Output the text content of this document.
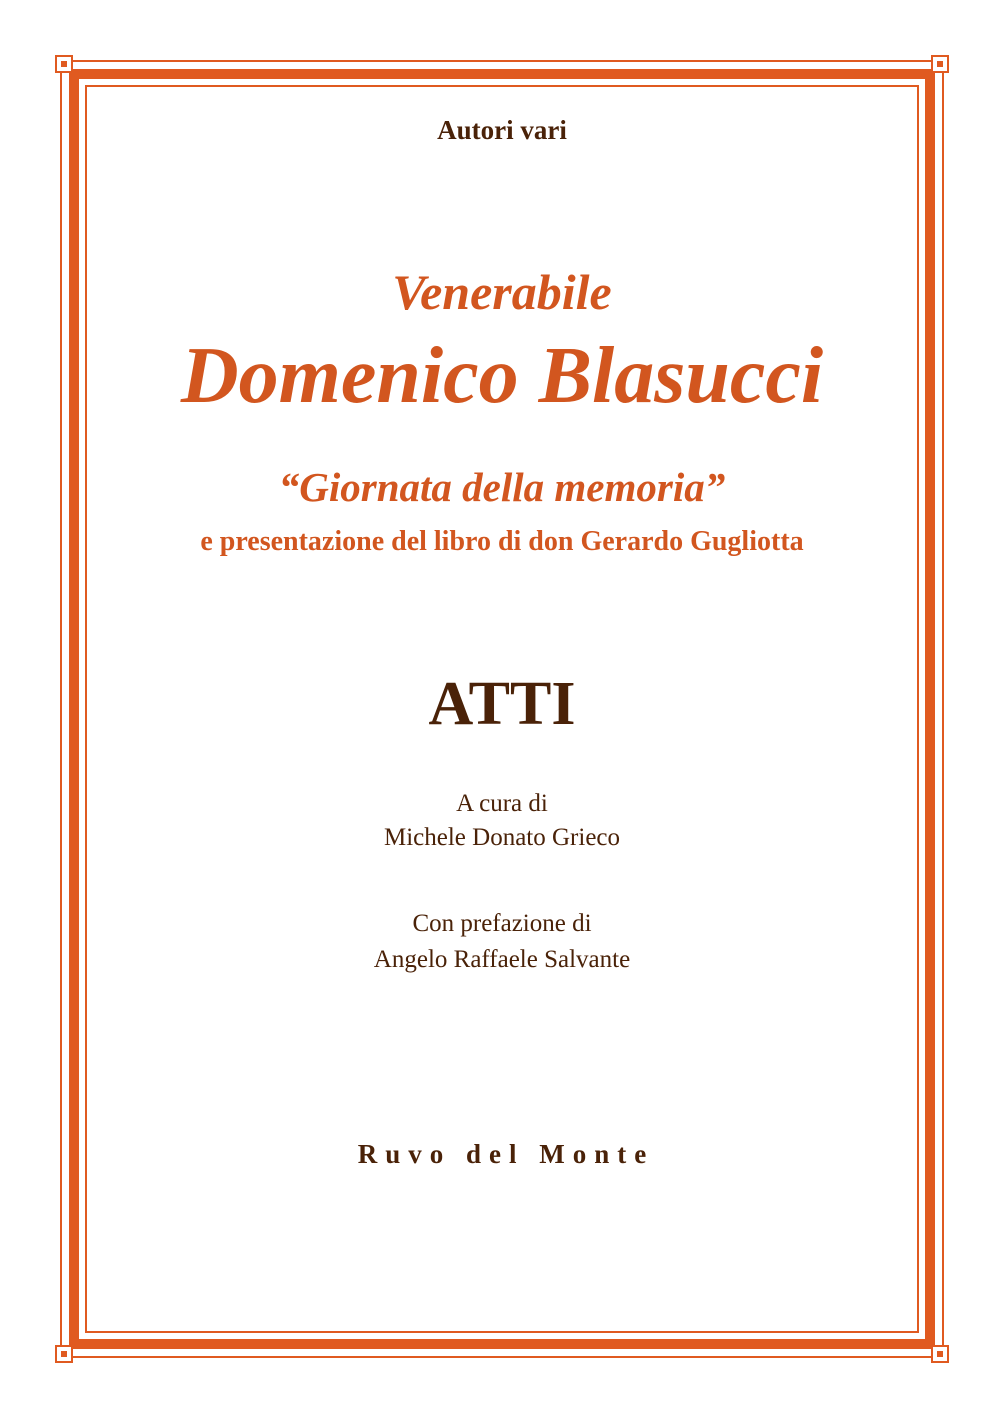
Autori vari
Venerabile
Domenico Blasucci
“Giornata della memoria”
e presentazione del libro di don Gerardo Gugliotta
ATTI
A cura di
Michele Donato Grieco
Con prefazione di
Angelo Raffaele Salvante
Ruvo del Monte
